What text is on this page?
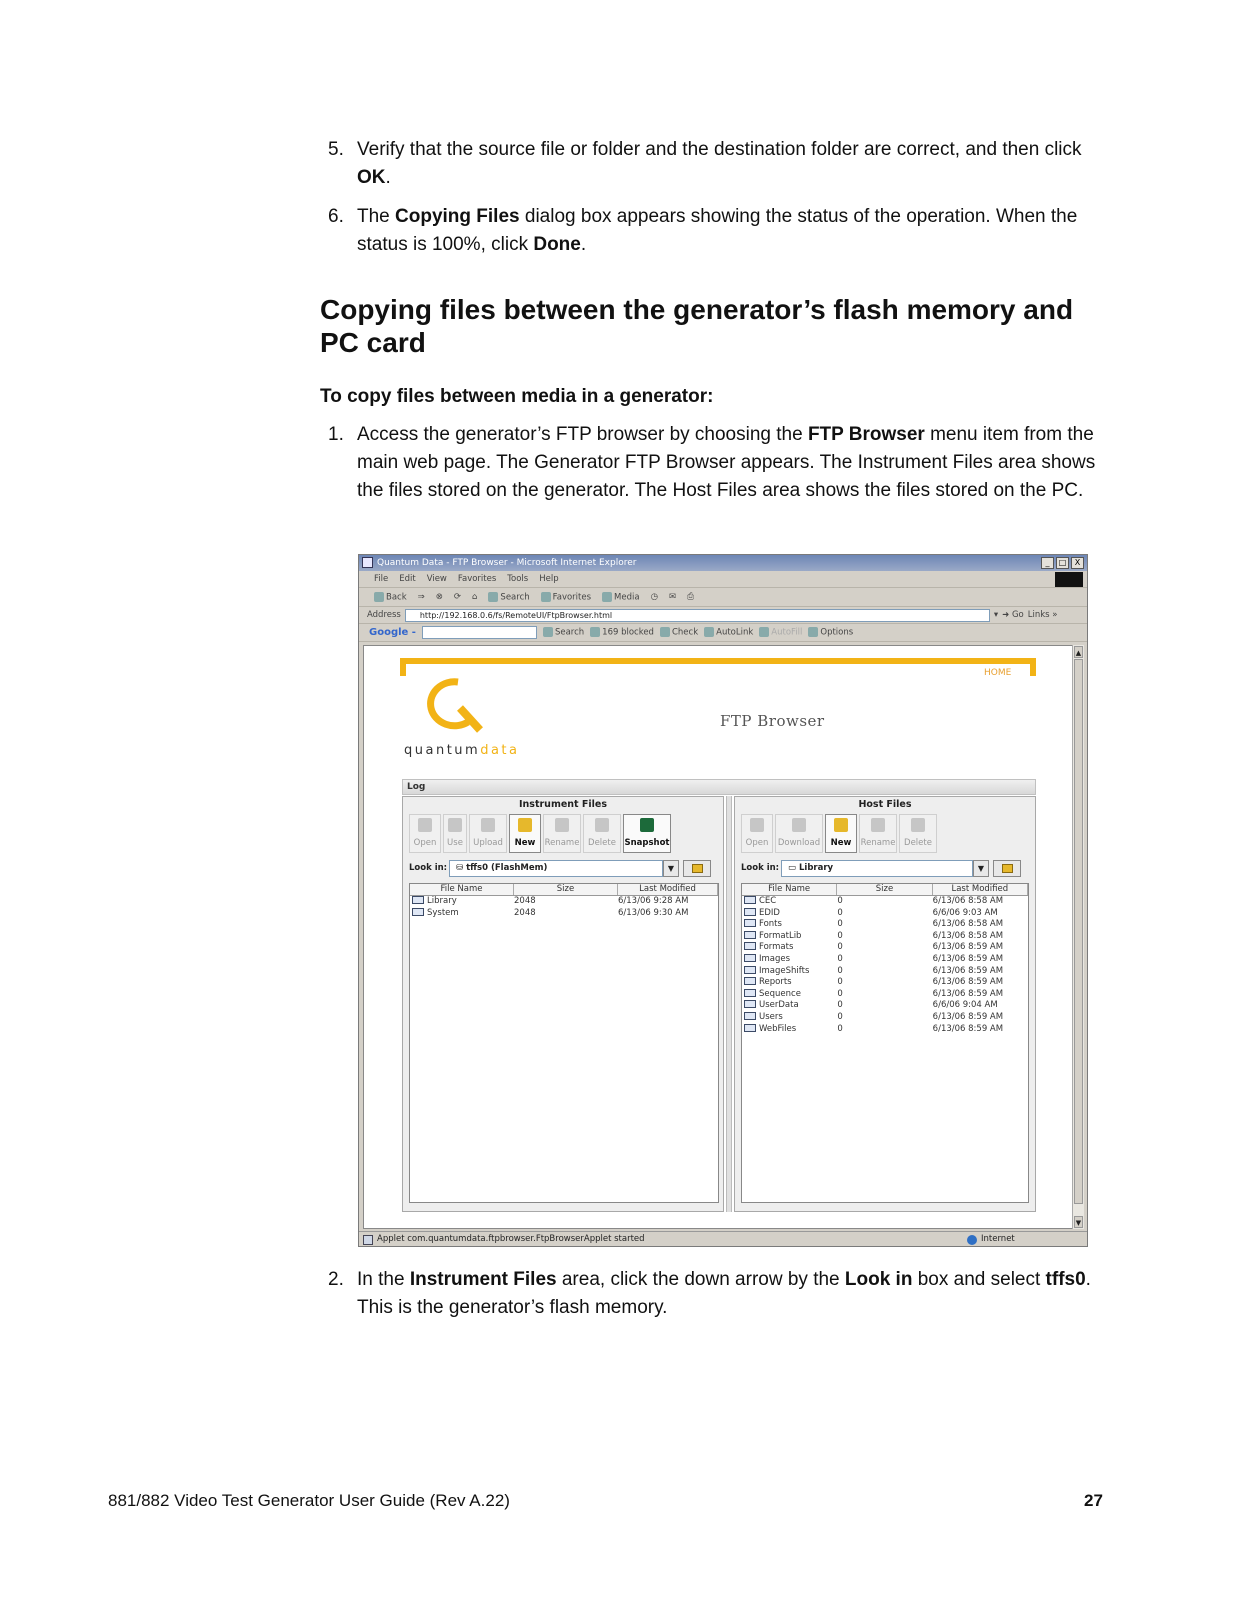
5. Verify that the source file or folder and the destination folder are correct, and then click OK.
6. The Copying Files dialog box appears showing the status of the operation. When the status is 100%, click Done.
Copying files between the generator’s flash memory and PC card
To copy files between media in a generator:
1. Access the generator’s FTP browser by choosing the FTP Browser menu item from the main web page. The Generator FTP Browser appears. The Instrument Files area shows the files stored on the generator. The Host Files area shows the files stored on the PC.
Quantum Data - FTP Browser - Microsoft Internet Explorer	_	□	X
File Edit View Favorites Tools Help
Back ⇒ ⊗ ⟳ ⌂	Search	Favorites	Media ◷ ✉ ⎙
Address	http://192.168.0.6/fs/RemoteUI/FtpBrowser.html	▾ ➜ Go Links »
Google -	Search	169 blocked	Check	AutoLink	AutoFill	Options
HOME
quantumdata
FTP Browser
Log
Instrument Files
Open	Use	Upload	New	Rename	Delete	Snapshot
Look in:	⛁ tffs0 (FlashMem)	▼
File Name	Size	Last Modified
Library	2048	6/13/06 9:28 AM
System	2048	6/13/06 9:30 AM
Host Files
Open	Download	New	Rename	Delete
Look in:	▭ Library	▼
File Name	Size	Last Modified
CEC	0	6/13/06 8:58 AM
EDID	0	6/6/06 9:03 AM
Fonts	0	6/13/06 8:58 AM
FormatLib	0	6/13/06 8:58 AM
Formats	0	6/13/06 8:59 AM
Images	0	6/13/06 8:59 AM
ImageShifts	0	6/13/06 8:59 AM
Reports	0	6/13/06 8:59 AM
Sequence	0	6/13/06 8:59 AM
UserData	0	6/6/06 9:04 AM
Users	0	6/13/06 8:59 AM
WebFiles	0	6/13/06 8:59 AM
▲
▼
Applet com.quantumdata.ftpbrowser.FtpBrowserApplet started	Internet
2. In the Instrument Files area, click the down arrow by the Look in box and select tffs0. This is the generator’s flash memory.
881/882 Video Test Generator User Guide (Rev A.22)	27
